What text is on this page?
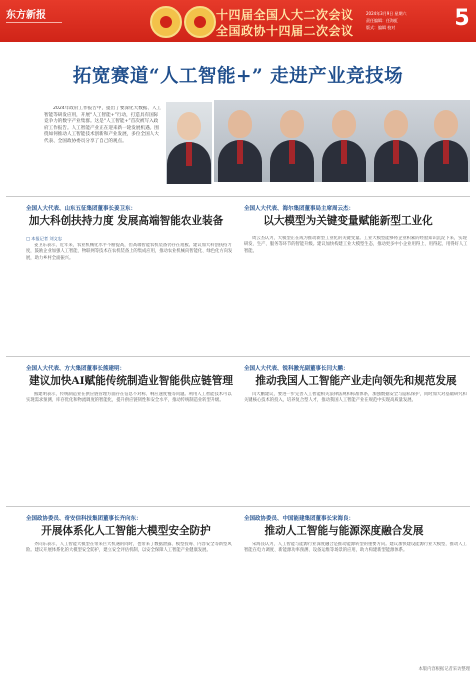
东方新报	十四届全国人大二次会议
全国政协十四届二次会议
2024年3月9日 星期六
责任编辑：任海虹
版式：编辑 校对	5
拓宽赛道“人工智能+” 走进产业竞技场

2024年政府工作报告中，提出了要深化大数据、人工智能等研发应用，开展“人工智能+”行动，打造具有国际竞争力的数字产业集群。这是“人工智能+”首次被写入政府工作报告。人工智能产业正在迎来新一轮发展机遇。围绕如何推动人工智能技术创新和产业发展，多位全国人大代表、全国政协委员分享了自己的观点。

全国人大代表、山东五征集团董事长姜卫东：
加大科创扶持力度 发展高端智能农业装备
□ 本报记者 刘文忠

姜卫东表示，近年来，农业机械化水平不断提高，但高端智能农机装备仍存在短板。建议加大科创扶持力度，鼓励企业加强人工智能、物联网等技术在农机装备上的集成应用，推动农业机械向智能化、绿色化方向发展，助力乡村全面振兴。

全国人大代表、海尔集团董事局主席周云杰：
以大模型为关键变量赋能新型工业化

周云杰认为，大模型正在成为推动新型工业化的关键变量。工业大模型能够将企业积累的经验知识沉淀下来，实现研发、生产、服务等环节的智能升级。建议加快构建工业大模型生态，推动更多中小企业用得上、用得起、用得好人工智能。

全国人大代表、方大集团董事长熊建明：
建议加快AI赋能传统制造业智能供应链管理

熊建明表示，传统制造业在供应链管理方面存在信息不对称、响应速度慢等问题。利用人工智能技术可以实现需求预测、库存优化和物流调度的智能化，提升供应链韧性和安全水平，推动传统制造业转型升级。

全国人大代表、锐科激光副董事长闫大鹏：
推动我国人工智能产业走向领先和规范发展

闫大鹏建议，要进一步完善人工智能相关法律法规和标准体系，加强数据安全与隐私保护，同时加大对基础研究和关键核心技术的投入，培养复合型人才，推动我国人工智能产业在规范中实现高质量发展。

全国政协委员、奇安信科技集团董事长齐向东：
开展体系化人工智能大模型安全防护

齐向东表示，人工智能大模型在带来巨大机遇的同时，也带来了数据泄露、模型投毒、内容安全等新型风险。建议开展体系化的大模型安全防护，建立安全评估机制，以安全保障人工智能产业健康发展。

全国政协委员、中国能建集团董事长宋海良：
推动人工智能与能源深度融合发展

宋海良认为，人工智能与能源行业深度融合是推动能源转型的重要方向。建议加快建设能源行业大模型，推动人工智能在电力调度、新能源功率预测、设备运维等场景的应用，助力构建新型能源体系。

本版内容根据记者采访整理
